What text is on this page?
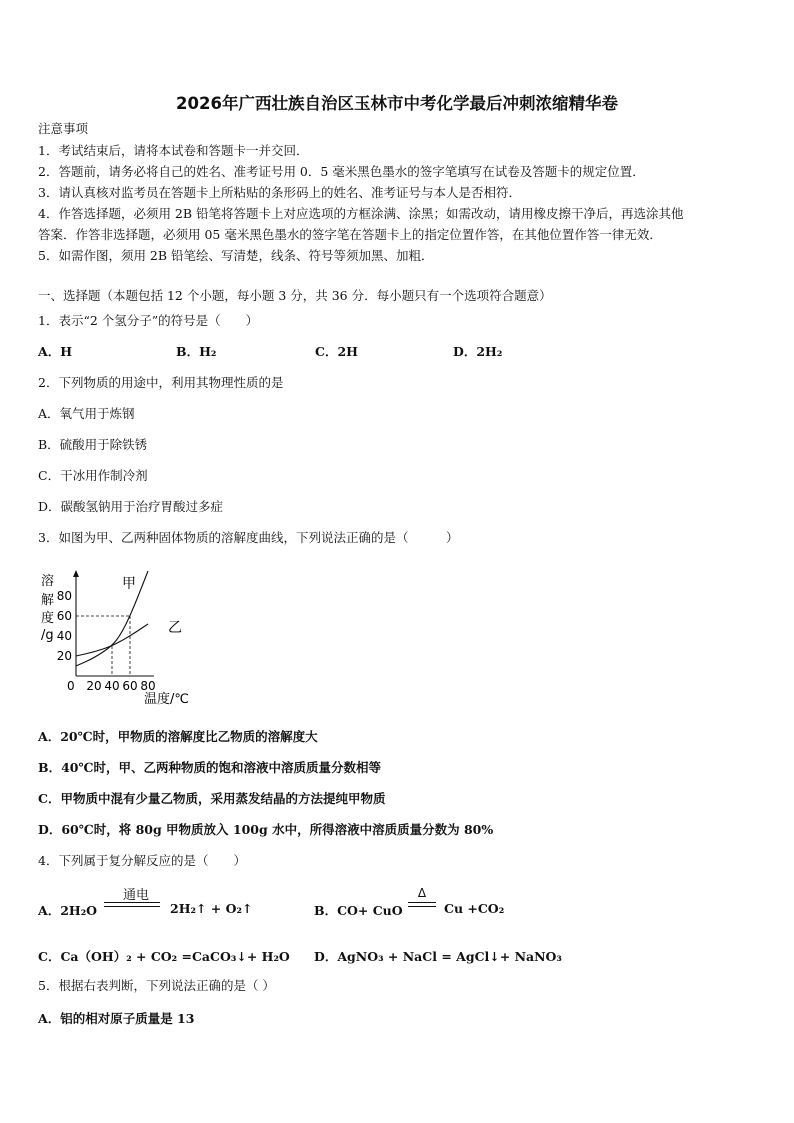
2026年广西壮族自治区玉林市中考化学最后冲刺浓缩精华卷
注意事项
1．考试结束后，请将本试卷和答题卡一并交回．
2．答题前，请务必将自己的姓名、准考证号用 0．5 毫米黑色墨水的签字笔填写在试卷及答题卡的规定位置．
3．请认真核对监考员在答题卡上所粘贴的条形码上的姓名、准考证号与本人是否相符．
4．作答选择题，必须用 2B 铅笔将答题卡上对应选项的方框涂满、涂黑；如需改动，请用橡皮擦干净后，再选涂其他
答案．作答非选择题，必须用 05 毫米黑色墨水的签字笔在答题卡上的指定位置作答，在其他位置作答一律无效．
5．如需作图，须用 2B 铅笔绘、写清楚，线条、符号等须加黑、加粗．
一、选择题（本题包括 12 个小题，每小题 3 分，共 36 分．每小题只有一个选项符合题意）
1．表示“2 个氢分子”的符号是（　　）
A．H	B．H₂	C．2H	D．2H₂
2．下列物质的用途中，利用其物理性质的是
A．氧气用于炼钢
B．硫酸用于除铁锈
C．干冰用作制冷剂
D．碳酸氢钠用于治疗胃酸过多症
3．如图为甲、乙两种固体物质的溶解度曲线，下列说法正确的是（　　　）
溶
解
度
/g
20
40
60
80
0 20 40 60 80
甲
乙
温度/℃
A．20℃时，甲物质的溶解度比乙物质的溶解度大
B．40℃时，甲、乙两种物质的饱和溶液中溶质质量分数相等
C．甲物质中混有少量乙物质，采用蒸发结晶的方法提纯甲物质
D．60℃时，将 80g 甲物质放入 100g 水中，所得溶液中溶质质量分数为 80%
4．下列属于复分解反应的是（　　）
A．2H₂O
通电
2H₂↑ + O₂↑	B．CO+ CuO
Δ
Cu +CO₂
C．Ca（OH）₂ + CO₂ =CaCO₃↓+ H₂O D．AgNO₃ + NaCl = AgCl↓+ NaNO₃
5．根据右表判断，下列说法正确的是（ ）
A．铝的相对原子质量是 13
